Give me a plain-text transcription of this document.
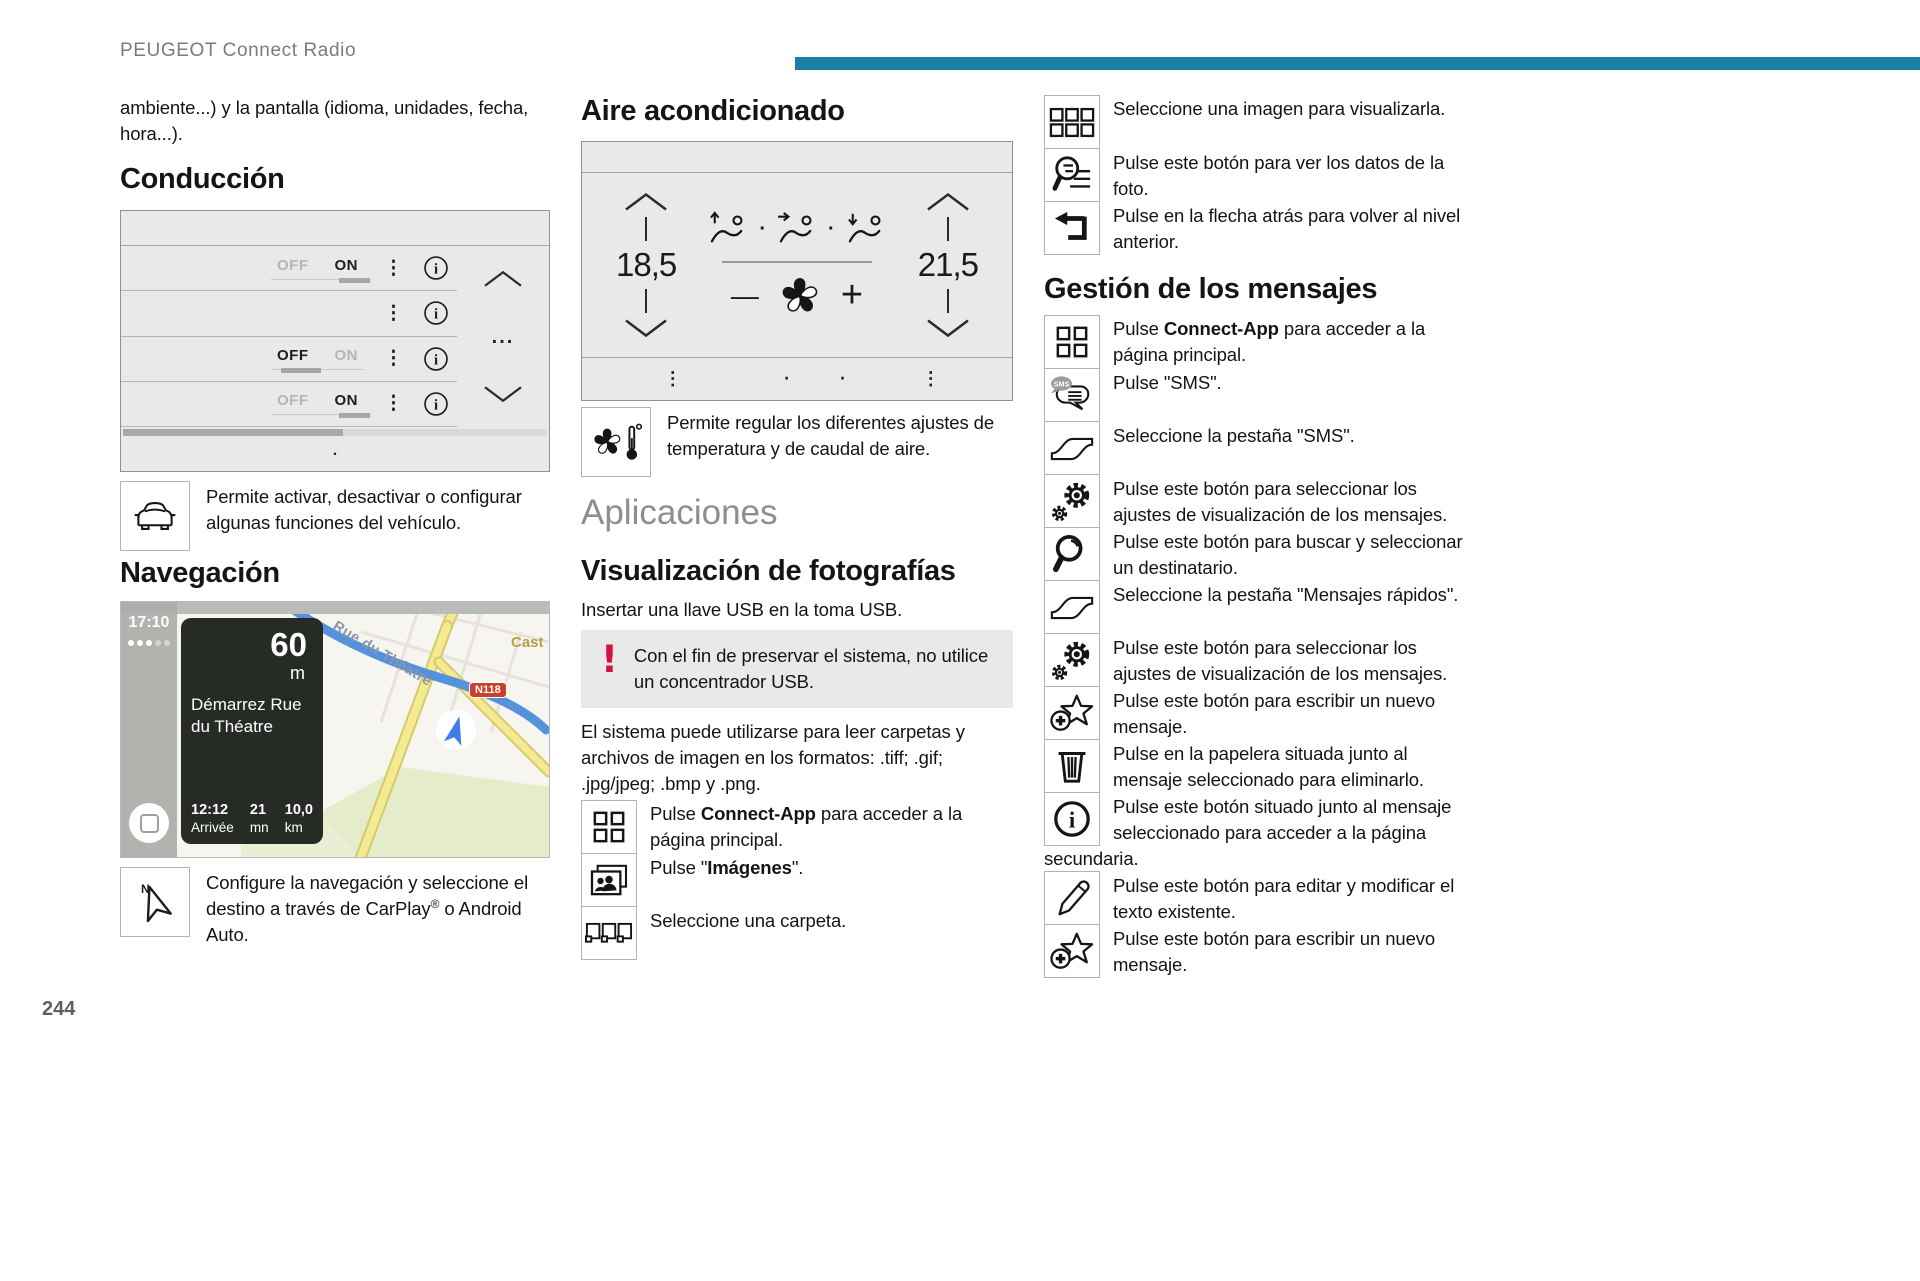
PEUGEOT Connect Radio
244

ambiente...) y la pantalla (idioma, unidades, fecha, hora...).

Conducción
OFF ON ⋮
⋮
OFF ON ⋮
OFF ON ⋮
...
.

Permite activar, desactivar o configurar algunas funciones del vehículo.

Navegación
Rue du Théatre	Cast
N118
17:10
60
m
Démarrez Rue du Théatre
12:12
Arrivée
21
mn
10,0
km

Configure la navegación y seleccione el destino a través de CarPlay® o Android Auto.

Aire acondicionado
18,5
·	·
— +
21,5
⋮	·	·	⋮

Permite regular los diferentes ajustes de temperatura y de caudal de aire.

Aplicaciones
Visualización de fotografías

Insertar una llave USB en la toma USB.

! Con el fin de preservar el sistema, no utilice un concentrador USB.

El sistema puede utilizarse para leer carpetas y archivos de imagen en los formatos: .tiff; .gif; .jpg/jpeg; .bmp y .png.

Pulse Connect-App para acceder a la página principal.

Pulse "Imágenes".

Seleccione una carpeta.

Seleccione una imagen para visualizarla.

Pulse este botón para ver los datos de la foto.

Pulse en la flecha atrás para volver al nivel anterior.

Gestión de los mensajes

Pulse Connect-App para acceder a la página principal.

Pulse "SMS".

Seleccione la pestaña "SMS".

Pulse este botón para seleccionar los ajustes de visualización de los mensajes.

Pulse este botón para buscar y seleccionar un destinatario.

Seleccione la pestaña "Mensajes rápidos".

Pulse este botón para seleccionar los ajustes de visualización de los mensajes.

Pulse este botón para escribir un nuevo mensaje.

Pulse en la papelera situada junto al mensaje seleccionado para eliminarlo.

Pulse este botón situado junto al mensaje seleccionado para acceder a la página secundaria.

Pulse este botón para editar y modificar el texto existente.

Pulse este botón para escribir un nuevo mensaje.
